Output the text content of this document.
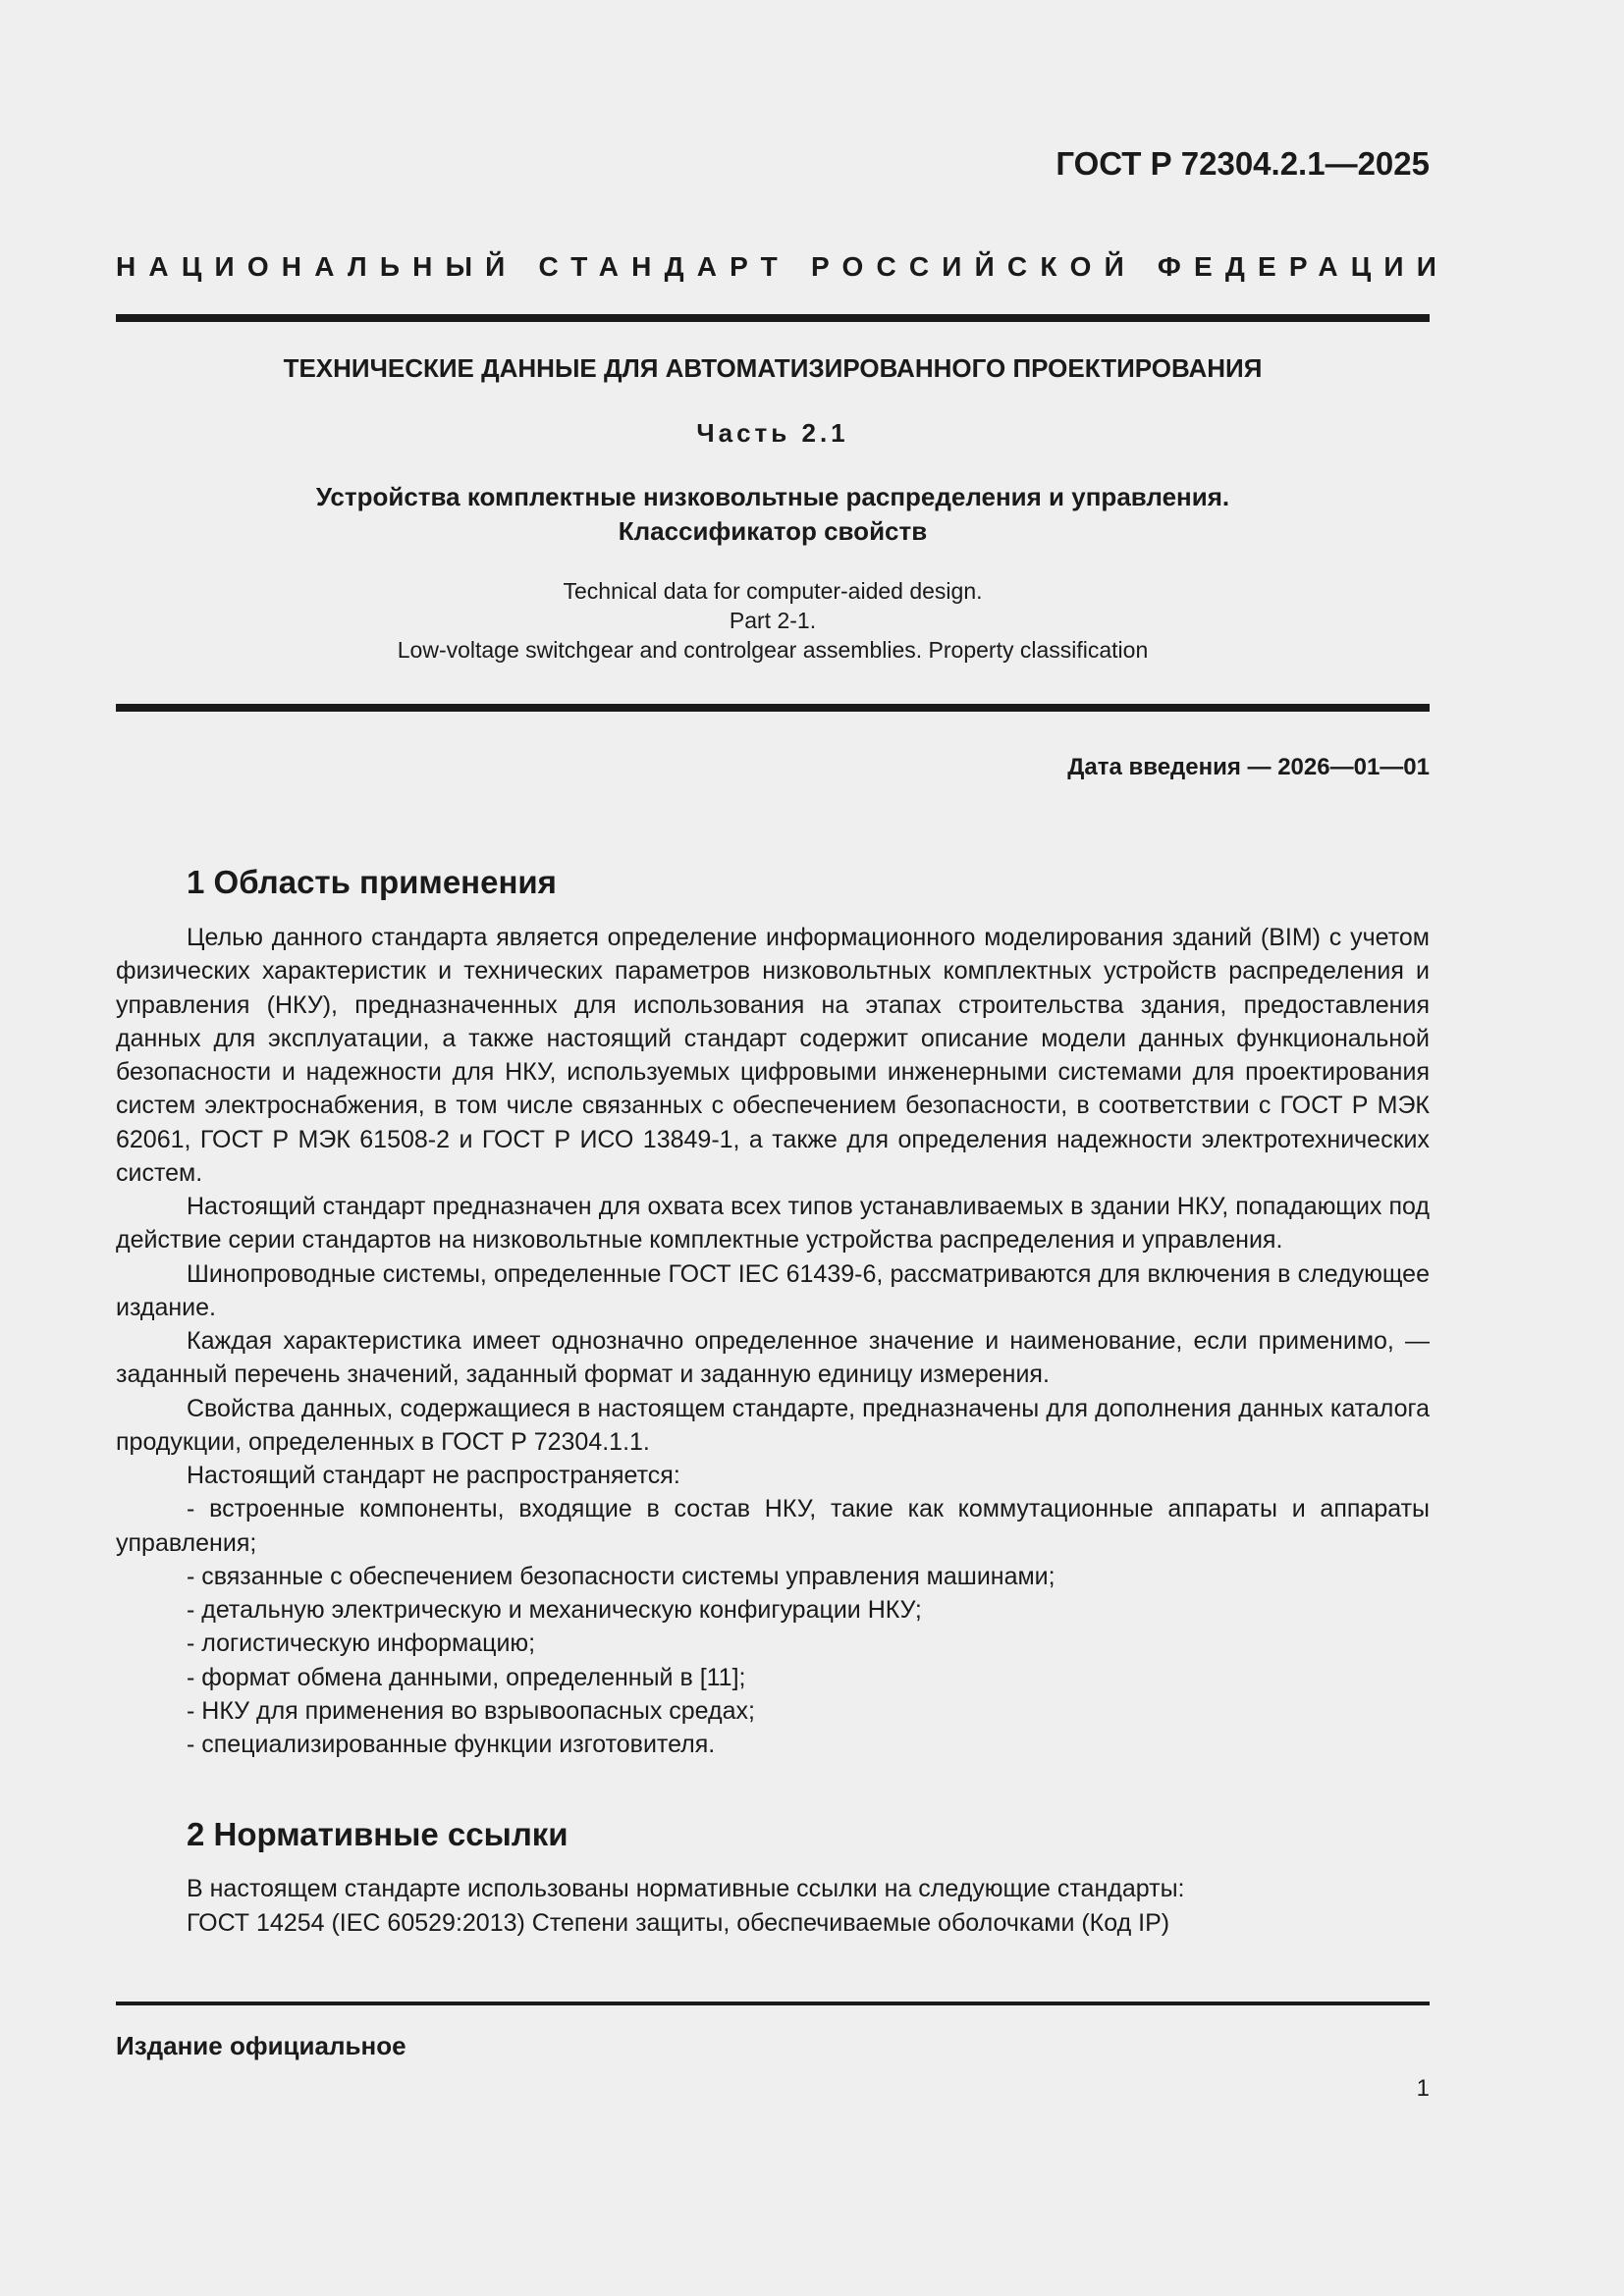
ГОСТ Р 72304.2.1—2025
НАЦИОНАЛЬНЫЙ СТАНДАРТ РОССИЙСКОЙ ФЕДЕРАЦИИ
ТЕХНИЧЕСКИЕ ДАННЫЕ ДЛЯ АВТОМАТИЗИРОВАННОГО ПРОЕКТИРОВАНИЯ
Часть 2.1
Устройства комплектные низковольтные распределения и управления.
Классификатор свойств
Technical data for computer-aided design.
Part 2-1.
Low-voltage switchgear and controlgear assemblies. Property classification
Дата введения — 2026—01—01
1 Область применения

Целью данного стандарта является определение информационного моделирования зданий (BIM) с учетом физических характеристик и технических параметров низковольтных комплектных устройств распределения и управления (НКУ), предназначенных для использования на этапах строительства здания, предоставления данных для эксплуатации, а также настоящий стандарт содержит описание модели данных функциональной безопасности и надежности для НКУ, используемых цифровыми инженерными системами для проектирования систем электроснабжения, в том числе связанных с обеспечением безопасности, в соответствии с ГОСТ Р МЭК 62061, ГОСТ Р МЭК 61508-2 и ГОСТ Р ИСО 13849-1, а также для определения надежности электротехнических систем.

Настоящий стандарт предназначен для охвата всех типов устанавливаемых в здании НКУ, попадающих под действие серии стандартов на низковольтные комплектные устройства распределения и управления.

Шинопроводные системы, определенные ГОСТ IEC 61439-6, рассматриваются для включения в следующее издание.

Каждая характеристика имеет однозначно определенное значение и наименование, если применимо, — заданный перечень значений, заданный формат и заданную единицу измерения.

Свойства данных, содержащиеся в настоящем стандарте, предназначены для дополнения данных каталога продукции, определенных в ГОСТ Р 72304.1.1.

Настоящий стандарт не распространяется:

- встроенные компоненты, входящие в состав НКУ, такие как коммутационные аппараты и аппараты управления;

- связанные с обеспечением безопасности системы управления машинами;

- детальную электрическую и механическую конфигурации НКУ;

- логистическую информацию;

- формат обмена данными, определенный в [11];

- НКУ для применения во взрывоопасных средах;

- специализированные функции изготовителя.

2 Нормативные ссылки

В настоящем стандарте использованы нормативные ссылки на следующие стандарты:

ГОСТ 14254 (IEC 60529:2013) Степени защиты, обеспечиваемые оболочками (Код IP)

Издание официальное
1
